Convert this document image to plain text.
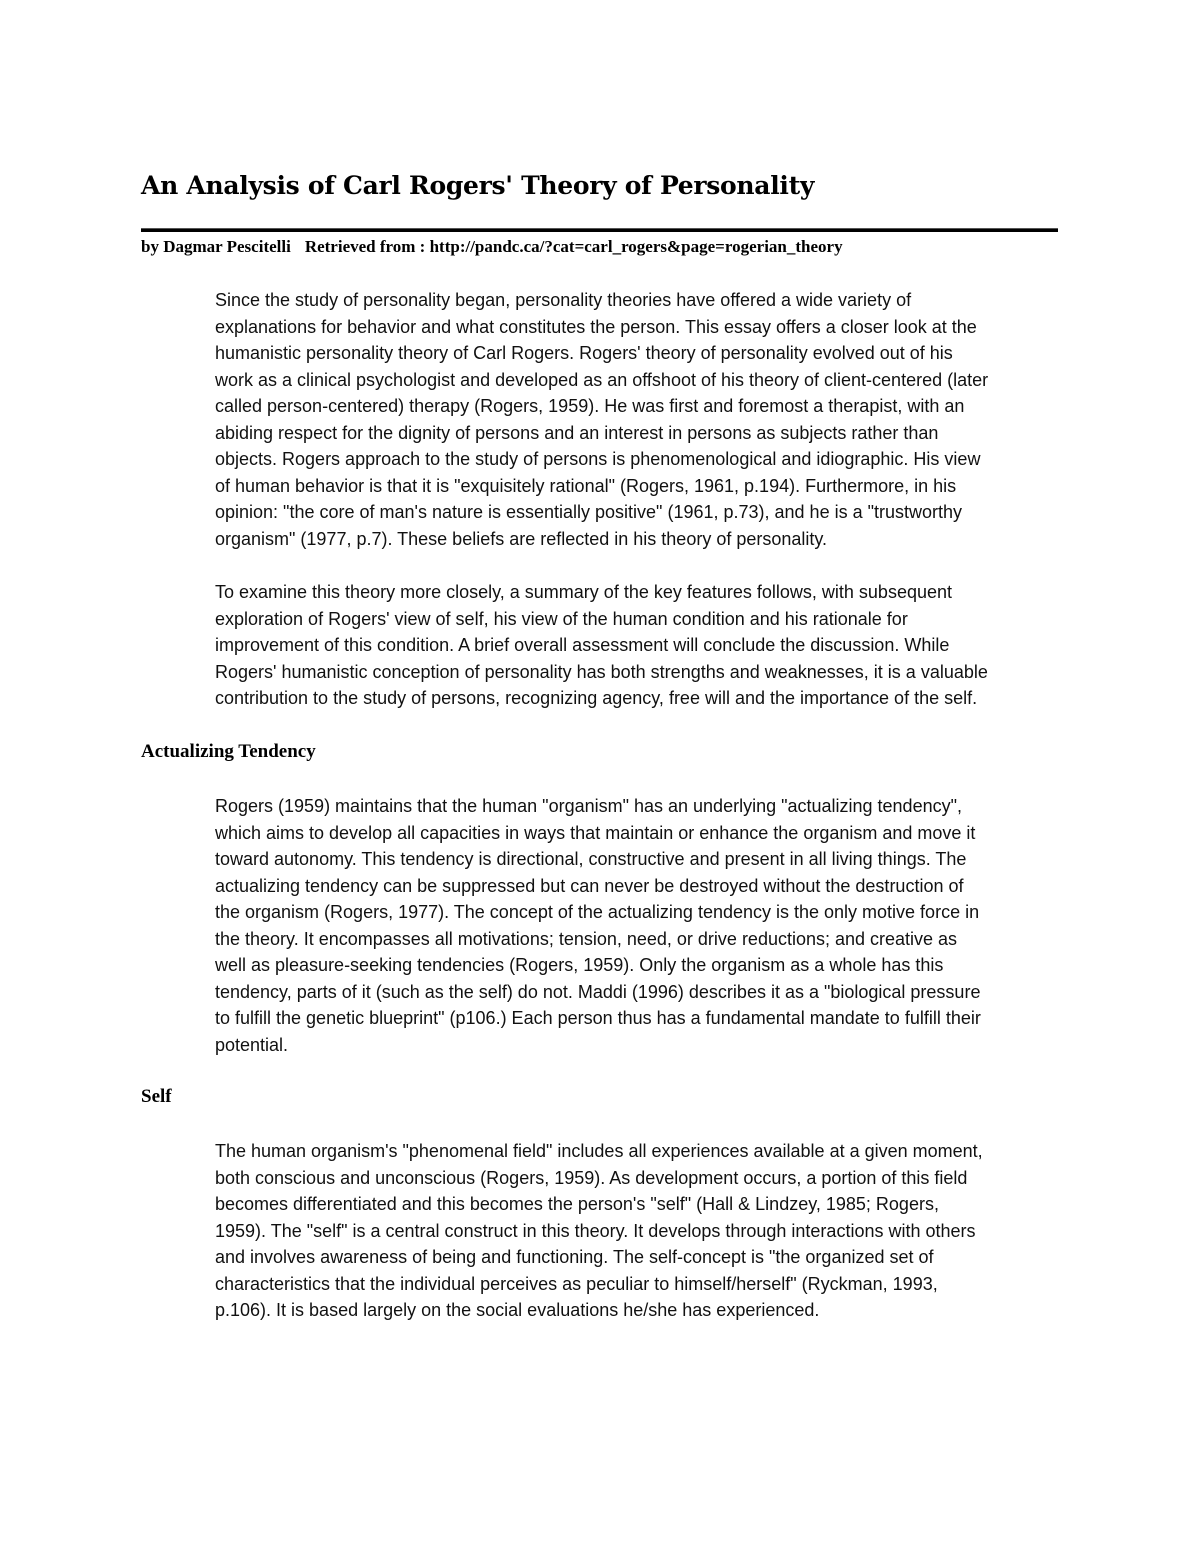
An Analysis of Carl Rogers' Theory of Personality

by Dagmar Pescitelli Retrieved from : http://pandc.ca/?cat=carl_rogers&page=rogerian_theory

Since the study of personality began, personality theories have offered a wide variety of
explanations for behavior and what constitutes the person. This essay offers a closer look at the
humanistic personality theory of Carl Rogers. Rogers' theory of personality evolved out of his
work as a clinical psychologist and developed as an offshoot of his theory of client-centered (later
called person-centered) therapy (Rogers, 1959). He was first and foremost a therapist, with an
abiding respect for the dignity of persons and an interest in persons as subjects rather than
objects. Rogers approach to the study of persons is phenomenological and idiographic. His view
of human behavior is that it is "exquisitely rational" (Rogers, 1961, p.194). Furthermore, in his
opinion: "the core of man's nature is essentially positive" (1961, p.73), and he is a "trustworthy
organism" (1977, p.7). These beliefs are reflected in his theory of personality.
To examine this theory more closely, a summary of the key features follows, with subsequent
exploration of Rogers' view of self, his view of the human condition and his rationale for
improvement of this condition. A brief overall assessment will conclude the discussion. While
Rogers' humanistic conception of personality has both strengths and weaknesses, it is a valuable
contribution to the study of persons, recognizing agency, free will and the importance of the self.
Actualizing Tendency
Rogers (1959) maintains that the human "organism" has an underlying "actualizing tendency",
which aims to develop all capacities in ways that maintain or enhance the organism and move it
toward autonomy. This tendency is directional, constructive and present in all living things. The
actualizing tendency can be suppressed but can never be destroyed without the destruction of
the organism (Rogers, 1977). The concept of the actualizing tendency is the only motive force in
the theory. It encompasses all motivations; tension, need, or drive reductions; and creative as
well as pleasure-seeking tendencies (Rogers, 1959). Only the organism as a whole has this
tendency, parts of it (such as the self) do not. Maddi (1996) describes it as a "biological pressure
to fulfill the genetic blueprint" (p106.) Each person thus has a fundamental mandate to fulfill their
potential.
Self
The human organism's "phenomenal field" includes all experiences available at a given moment,
both conscious and unconscious (Rogers, 1959). As development occurs, a portion of this field
becomes differentiated and this becomes the person's "self" (Hall & Lindzey, 1985; Rogers,
1959). The "self" is a central construct in this theory. It develops through interactions with others
and involves awareness of being and functioning. The self-concept is "the organized set of
characteristics that the individual perceives as peculiar to himself/herself" (Ryckman, 1993,
p.106). It is based largely on the social evaluations he/she has experienced.
